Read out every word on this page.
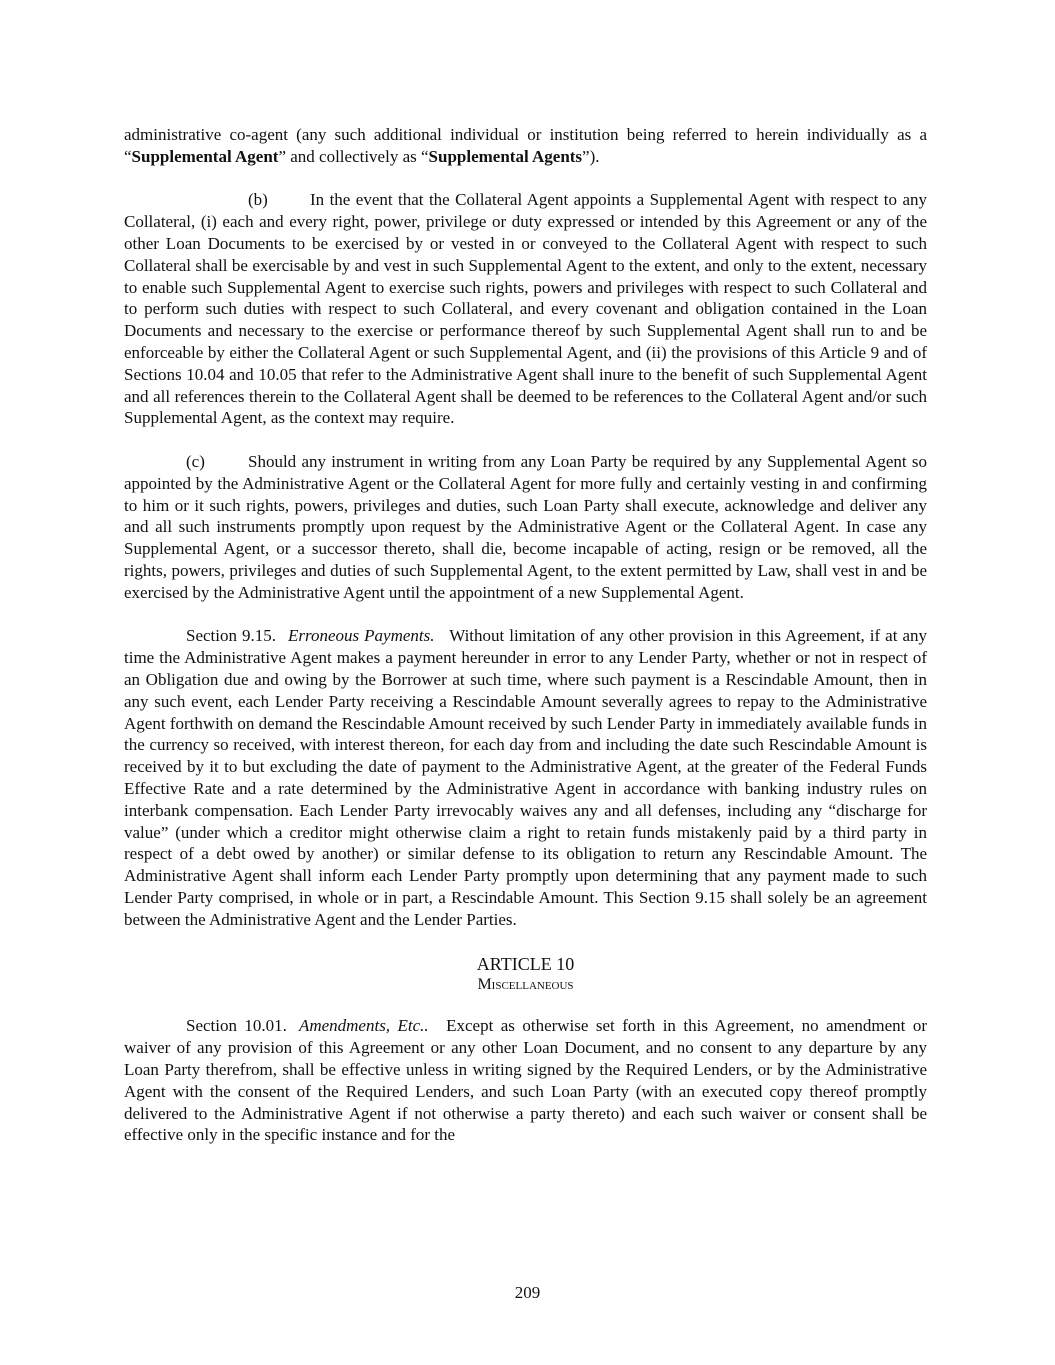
administrative co-agent (any such additional individual or institution being referred to herein individually as a “Supplemental Agent” and collectively as “Supplemental Agents”).

(b) In the event that the Collateral Agent appoints a Supplemental Agent with respect to any Collateral, (i) each and every right, power, privilege or duty expressed or intended by this Agreement or any of the other Loan Documents to be exercised by or vested in or conveyed to the Collateral Agent with respect to such Collateral shall be exercisable by and vest in such Supplemental Agent to the extent, and only to the extent, necessary to enable such Supplemental Agent to exercise such rights, powers and privileges with respect to such Collateral and to perform such duties with respect to such Collateral, and every covenant and obligation contained in the Loan Documents and necessary to the exercise or performance thereof by such Supplemental Agent shall run to and be enforceable by either the Collateral Agent or such Supplemental Agent, and (ii) the provisions of this Article 9 and of Sections 10.04 and 10.05 that refer to the Administrative Agent shall inure to the benefit of such Supplemental Agent and all references therein to the Collateral Agent shall be deemed to be references to the Collateral Agent and/or such Supplemental Agent, as the context may require.

(c)	Should any instrument in writing from any Loan Party be required by any Supplemental Agent so appointed by the Administrative Agent or the Collateral Agent for more fully and certainly vesting in and confirming to him or it such rights, powers, privileges and duties, such Loan Party shall execute, acknowledge and deliver any and all such instruments promptly upon request by the Administrative Agent or the Collateral Agent. In case any Supplemental Agent, or a successor thereto, shall die, become incapable of acting, resign or be removed, all the rights, powers, privileges and duties of such Supplemental Agent, to the extent permitted by Law, shall vest in and be exercised by the Administrative Agent until the appointment of a new Supplemental Agent.

Section 9.15. Erroneous Payments. Without limitation of any other provision in this Agreement, if at any time the Administrative Agent makes a payment hereunder in error to any Lender Party, whether or not in respect of an Obligation due and owing by the Borrower at such time, where such payment is a Rescindable Amount, then in any such event, each Lender Party receiving a Rescindable Amount severally agrees to repay to the Administrative Agent forthwith on demand the Rescindable Amount received by such Lender Party in immediately available funds in the currency so received, with interest thereon, for each day from and including the date such Rescindable Amount is received by it to but excluding the date of payment to the Administrative Agent, at the greater of the Federal Funds Effective Rate and a rate determined by the Administrative Agent in accordance with banking industry rules on interbank compensation. Each Lender Party irrevocably waives any and all defenses, including any “discharge for value” (under which a creditor might otherwise claim a right to retain funds mistakenly paid by a third party in respect of a debt owed by another) or similar defense to its obligation to return any Rescindable Amount. The Administrative Agent shall inform each Lender Party promptly upon determining that any payment made to such Lender Party comprised, in whole or in part, a Rescindable Amount. This Section 9.15 shall solely be an agreement between the Administrative Agent and the Lender Parties.

ARTICLE 10

Miscellaneous

Section 10.01. Amendments, Etc.. Except as otherwise set forth in this Agreement, no amendment or waiver of any provision of this Agreement or any other Loan Document, and no consent to any departure by any Loan Party therefrom, shall be effective unless in writing signed by the Required Lenders, or by the Administrative Agent with the consent of the Required Lenders, and such Loan Party (with an executed copy thereof promptly delivered to the Administrative Agent if not otherwise a party thereto) and each such waiver or consent shall be effective only in the specific instance and for the

209
